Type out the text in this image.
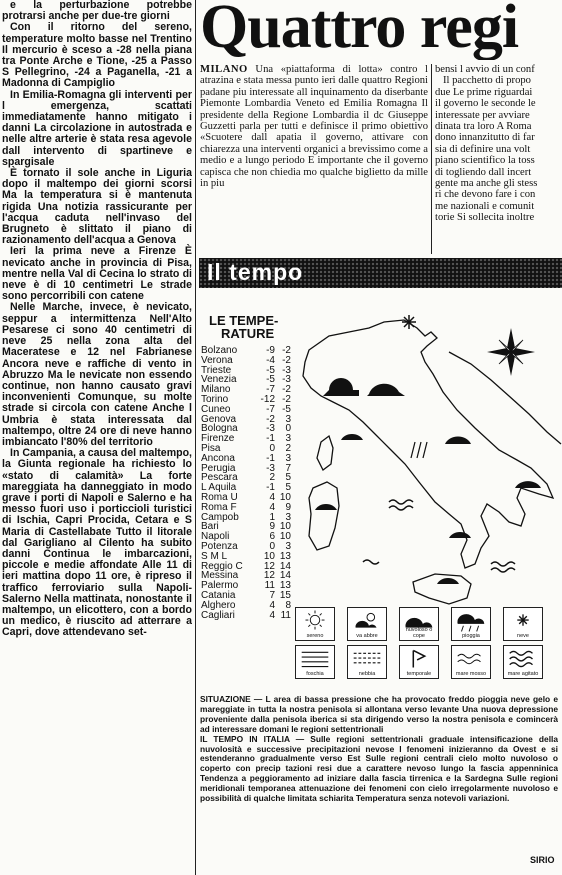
e la perturbazione potrebbe protrarsi anche per due-tre giorni

Con il ritorno del sereno, temperature molto basse nel Trentino Il mercurio è sceso a -28 nella piana tra Ponte Arche e Tione, -25 a Passo S Pellegrino, -24 a Paganella, -21 a Madonna di Campiglio

In Emilia-Romagna gli interventi per l emergenza, scattati immediatamente hanno mitigato i danni La circolazione in autostrada e nelle altre arterie è stata resa agevole dall intervento di spartineve e spargisale

È tornato il sole anche in Liguria dopo il maltempo dei giorni scorsi Ma la temperatura si è mantenuta rigida Una notizia rassicurante per l'acqua caduta nell'invaso del Brugneto è slittato il piano di razionamento dell'acqua a Genova

Ieri la prima neve a Firenze È nevicato anche in provincia di Pisa, mentre nella Val di Cecina lo strato di neve è di 10 centimetri Le strade sono percorribili con catene

Nelle Marche, invece, è nevicato, seppur a intermittenza Nell'Alto Pesarese ci sono 40 centimetri di neve 25 nella zona alta del Maceratese e 12 nel Fabrianese Ancora neve e raffiche di vento in Abruzzo Ma le nevicate non essendo continue, non hanno causato gravi inconvenienti Comunque, su molte strade si circola con catene Anche l Umbria è stata interessata dal maltempo, oltre 24 ore di neve hanno imbiancato l'80% del territorio

In Campania, a causa del maltempo, la Giunta regionale ha richiesto lo «stato di calamità» La forte mareggiata ha danneggiato in modo grave i porti di Napoli e Salerno e ha messo fuori uso i porticcioli turistici di Ischia, Capri Procida, Cetara e S Maria di Castellabate Tutto il litorale dal Garigliano al Cilento ha subito danni Continua le imbarcazioni, piccole e medie affondate Alle 11 di ieri mattina dopo 11 ore, è ripreso il traffico ferroviario sulla Napoli-Salerno Nella mattinata, nonostante il maltempo, un elicottero, con a bordo un medico, è riuscito ad atterrare a Capri, dove attendevano set-

Quattro regi

MILANO Una «piattaforma di lotta» contro l atrazina e stata messa punto ieri dalle quattro Regioni padane piu interessate all inquinamento da diserbante Piemonte Lombardia Veneto ed Emilia Romagna Il presidente della Regione Lombardia il dc Giuseppe Guzzetti parla per tutti e definisce il primo obiettivo «Scuotere dall apatia il governo, attivare con chiarezza una interventi organici a brevissimo come a medio e a lungo periodo E importante che il governo capisca che non chiedia mo qualche biglietto da mille in piu

bensi l avvio di un conf

Il pacchetto di propo

due Le prime riguardai

il governo le seconde le

interessate per avviare

dinata tra loro A Roma

dono innanzitutto di far

sia di definire una volt

piano scientifico la toss

di togliendo dall incert

gente ma anche gli stess

ri che devono fare i con

me nazionali e comunit

torie Si sollecita inoltre

Il tempo
LE TEMPE-
RATURE
Bolzano	-9	-2
Verona	-4	-2
Trieste	-5	-3
Venezia	-5	-3
Milano	-7	-2
Torino	-12	-2
Cuneo	-7	-5
Genova	-2	3
Bologna	-3	0
Firenze	-1	3
Pisa	0	2
Ancona	-1	3
Perugia	-3	7
Pescara	2	5
L Aquila	-1	5
Roma U	4	10
Roma F	4	9
Campob	1	3
Bari	9	10
Napoli	6	10
Potenza	0	3
S M L	10	13
Reggio C	12	14
Messina	12	14
Palermo	11	13
Catania	7	15
Alghero	4	8
Cagliari	4	11
sereno	va abbre
nuvoloso o cope	pioggia	neve
foschia	nebbia	temporale	mare mosso	mare agitato

SITUAZIONE — L area di bassa pressione che ha provocato freddo pioggia neve gelo e mareggiate in tutta la nostra penisola si allontana verso levante Una nuova depressione proveniente dalla penisola iberica si sta dirigendo verso la nostra penisola e comincerà ad interessare domani le regioni settentrionali

IL TEMPO IN ITALIA — Sulle regioni settentrionali graduale intensificazione della nuvolosità e successive precipitazioni nevose I fenomeni inizieranno da Ovest e si estenderanno gradualmente verso Est Sulle regioni centrali cielo molto nuvoloso o coperto con precip tazioni resi due a carattere nevoso lungo la fascia appenninica Tendenza a peggioramento ad iniziare dalla fascia tirrenica e la Sardegna Sulle regioni meridionali temporanea attenuazione dei fenomeni con cielo irregolarmente nuvoloso e possibilità di qualche limitata schiarita Temperatura senza notevoli variazioni.

SIRIO
